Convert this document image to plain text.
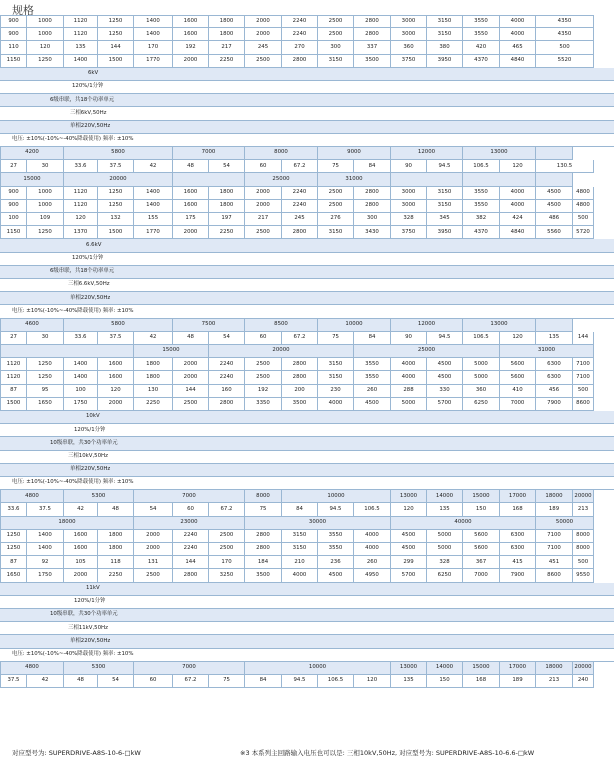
规格
900	1000	1120	1250	1400	1600	1800	2000	2240	2500	2800	3000	3150	3550	4000	4350
900	1000	1120	1250	1400	1600	1800	2000	2240	2500	2800	3000	3150	3550	4000	4350
110	120	135	144	170	192	217	245	270	300	337	360	380	420	465	500
1150	1250	1400	1500	1770	2000	2250	2500	2800	3150	3500	3750	3950	4370	4840	5520
6kV
120%/1分钟
6级串联，共18个功率单元
三相6kV,50Hz
单相220V,50Hz
电压: ±10%(-10%~-40%降载使用) 频率: ±10%
4200	5800	7000	8000	9000	12000	13000
27	30	33.6	37.5	42	48	54	60	67.2	75	84	90	94.5	106.5	120	130.5
15000	20000	25000	31000
900	1000	1120	1250	1400	1600	1800	2000	2240	2500	2800	3000	3150	3550	4000	4500	4800
900	1000	1120	1250	1400	1600	1800	2000	2240	2500	2800	3000	3150	3550	4000	4500	4800
100	109	120	132	155	175	197	217	245	276	300	328	345	382	424	486	500
1150	1250	1370	1500	1770	2000	2250	2500	2800	3150	3430	3750	3950	4370	4840	5560	5720
6.6kV
120%/1分钟
6级串联，共18个功率单元
三相6.6kV,50Hz
单相220V,50Hz
电压: ±10%(-10%~-40%降载使用) 频率: ±10%
4600	5800	7500	8500	10000	12000	13000
27	30	33.6	37.5	42	48	54	60	67.2	75	84	90	94.5	106.5	120	135	144
15000	20000	25000	31000
1120	1250	1400	1600	1800	2000	2240	2500	2800	3150	3550	4000	4500	5000	5600	6300	7100
1120	1250	1400	1600	1800	2000	2240	2500	2800	3150	3550	4000	4500	5000	5600	6300	7100
87	95	100	120	130	144	160	192	200	230	260	288	330	360	410	456	500
1500	1650	1750	2000	2250	2500	2800	3350	3500	4000	4500	5000	5700	6250	7000	7900	8600
10kV
120%/1分钟
10级串联，共30个功率单元
三相10kV,50Hz
单相220V,50Hz
电压: ±10%(-10%~-40%降载使用) 频率: ±10%
4800	5300	7000	8000	10000	13000	14000	15000	17000	18000	20000
33.6	37.5	42	48	54	60	67.2	75	84	94.5	106.5	120	135	150	168	189	213
18000	23000	30000	40000	50000
1250	1400	1600	1800	2000	2240	2500	2800	3150	3550	4000	4500	5000	5600	6300	7100	8000
1250	1400	1600	1800	2000	2240	2500	2800	3150	3550	4000	4500	5000	5600	6300	7100	8000
87	92	105	118	131	144	170	184	210	236	260	299	328	367	415	451	500
1650	1750	2000	2250	2500	2800	3250	3500	4000	4500	4950	5700	6250	7000	7900	8600	9550
11kV
120%/1分钟
10级串联，共30个功率单元
三相11kV,50Hz
单相220V,50Hz
电压: ±10%(-10%~-40%降载使用) 频率: ±10%
4800	5300	7000	10000	13000	14000	15000	17000	18000	20000
37.5	42	48	54	60	67.2	75	84	94.5	106.5	120	135	150	168	189	213	240
对应型号为: SUPERDRIVE-A8S-10-6-□kW	※3 本系列主回路输入电压也可以是: 三相10kV,50Hz, 对应型号为: SUPERDRIVE-A8S-10-6.6-□kW
